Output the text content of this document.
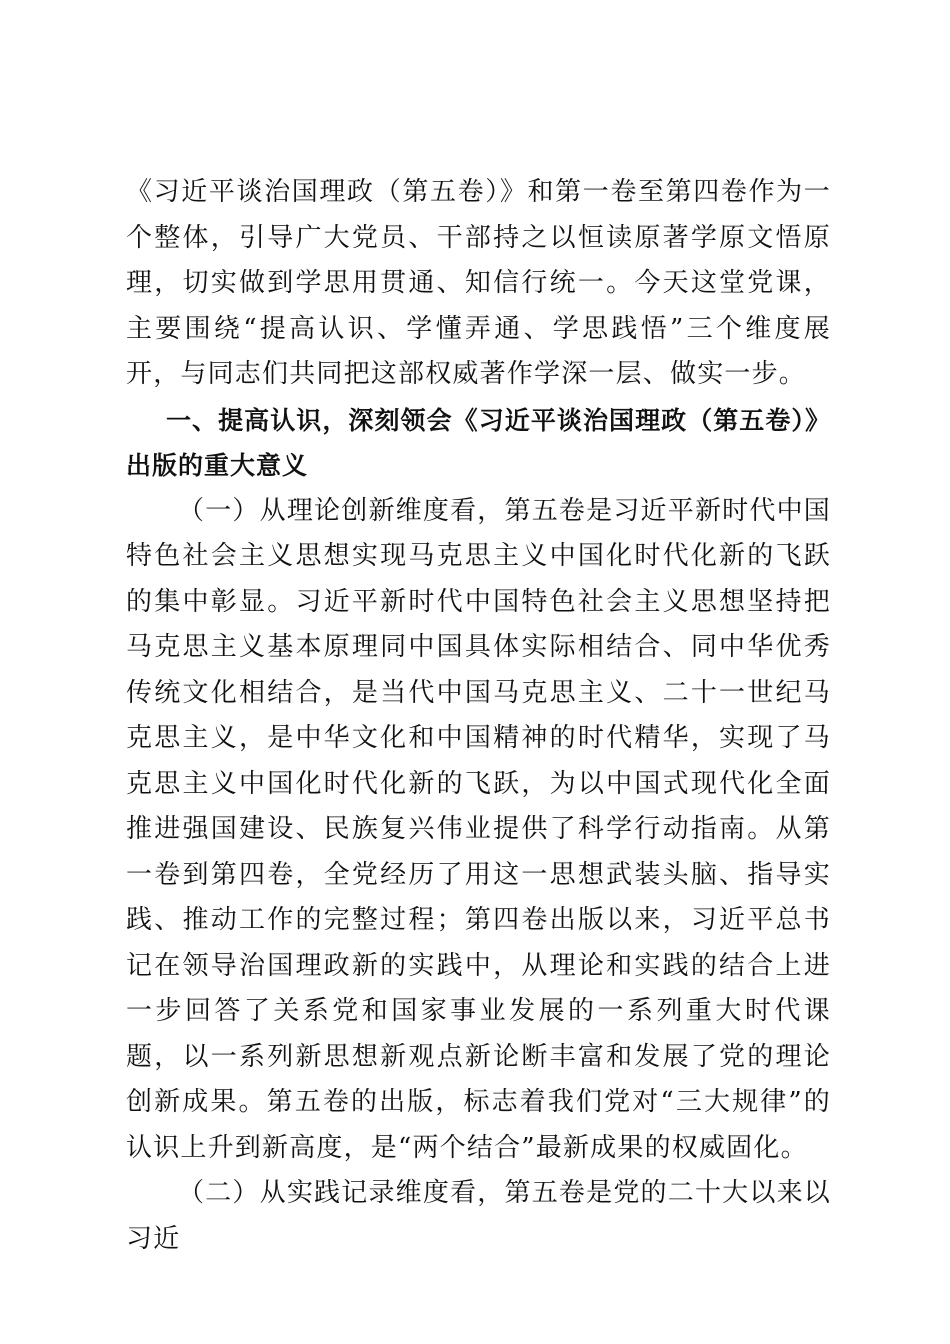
《习近平谈治国理政（第五卷）》和第一卷至第四卷作为一个整体，引导广大党员、干部持之以恒读原著学原文悟原理，切实做到学思用贯通、知信行统一。今天这堂党课，主要围绕“提高认识、学懂弄通、学思践悟”三个维度展开，与同志们共同把这部权威著作学深一层、做实一步。

一、提高认识，深刻领会《习近平谈治国理政（第五卷）》出版的重大意义

（一）从理论创新维度看，第五卷是习近平新时代中国特色社会主义思想实现马克思主义中国化时代化新的飞跃的集中彰显。习近平新时代中国特色社会主义思想坚持把马克思主义基本原理同中国具体实际相结合、同中华优秀传统文化相结合，是当代中国马克思主义、二十一世纪马克思主义，是中华文化和中国精神的时代精华，实现了马克思主义中国化时代化新的飞跃，为以中国式现代化全面推进强国建设、民族复兴伟业提供了科学行动指南。从第一卷到第四卷，全党经历了用这一思想武装头脑、指导实践、推动工作的完整过程；第四卷出版以来，习近平总书记在领导治国理政新的实践中，从理论和实践的结合上进一步回答了关系党和国家事业发展的一系列重大时代课题，以一系列新思想新观点新论断丰富和发展了党的理论创新成果。第五卷的出版，标志着我们党对“三大规律”的认识上升到新高度，是“两个结合”最新成果的权威固化。

（二）从实践记录维度看，第五卷是党的二十大以来以习近
